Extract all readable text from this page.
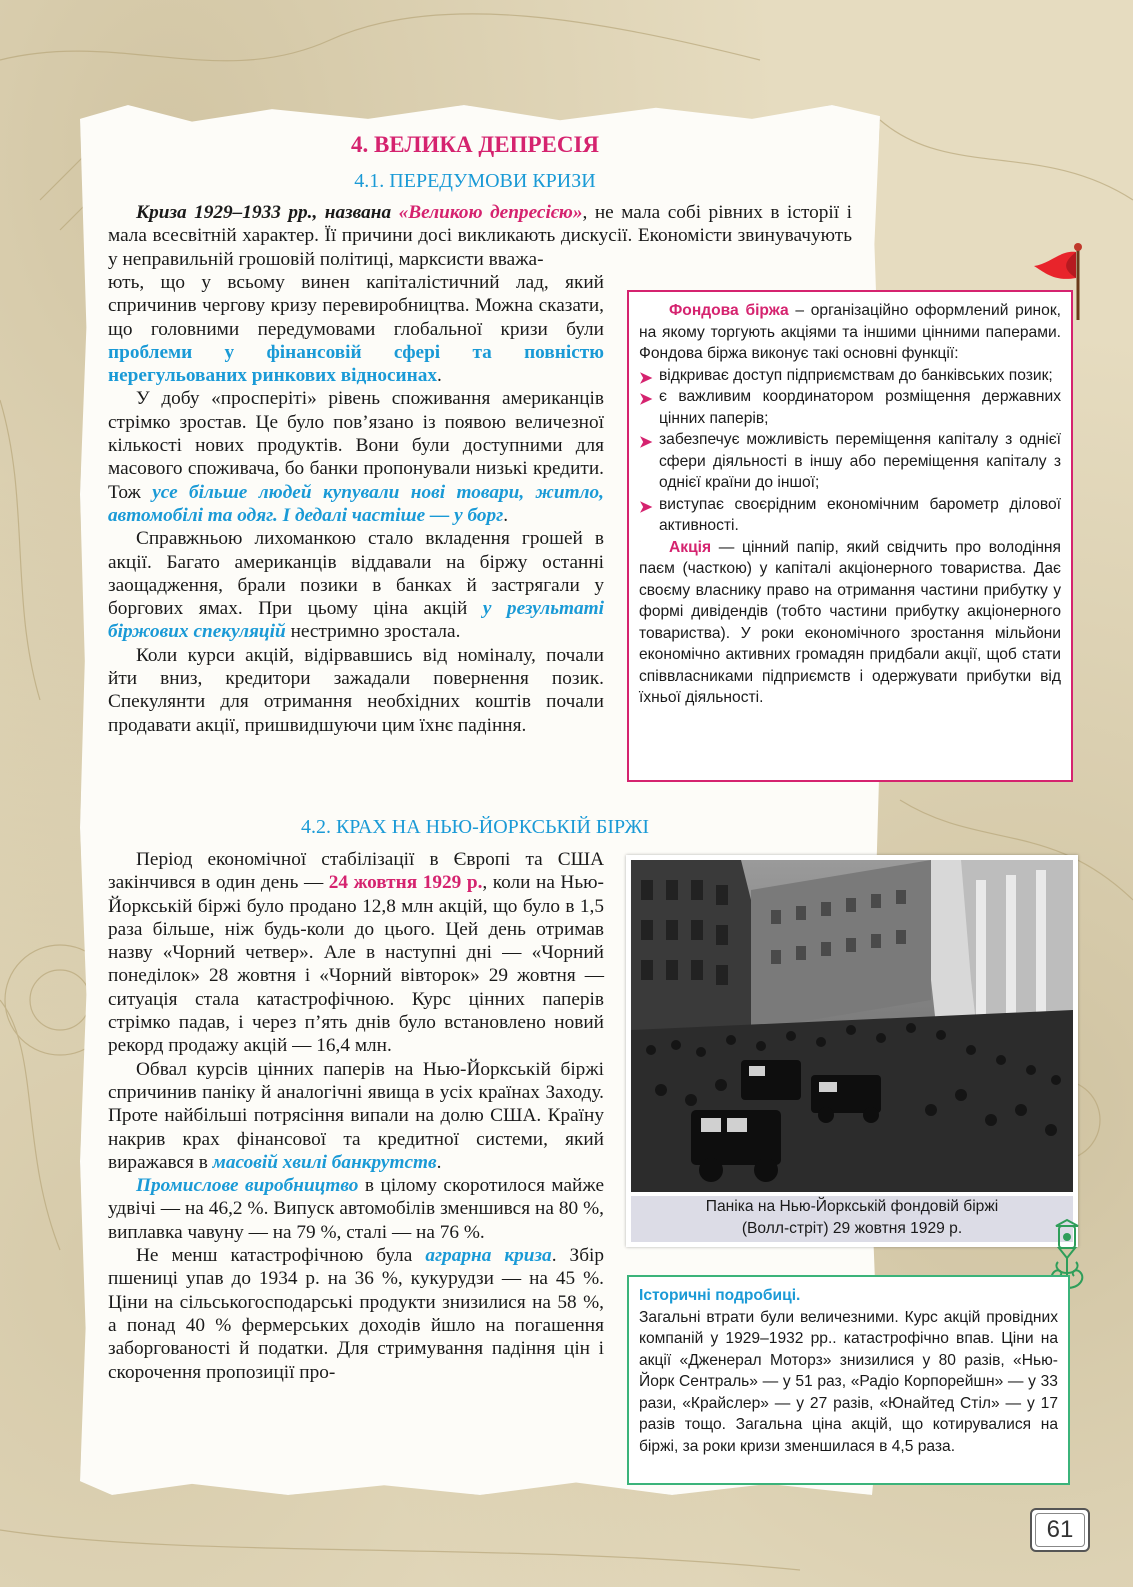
4. ВЕЛИКА ДЕПРЕСІЯ
4.1. ПЕРЕДУМОВИ КРИЗИ

Криза 1929–1933 рр., названа «Великою депресією», не мала собі рівних в історії і мала всесвітній характер. Її причини досі викликають дискусії. Економісти звинувачують у неправильній грошовій політиці, марксисти вважа-

ють, що у всьому винен капіталістичний лад, який спричинив чергову кризу перевиробництва. Можна сказати, що головними передумовами глобальної кризи були проблеми у фінансовій сфері та повністю нерегульованих ринкових відносинах.

У добу «просперіті» рівень споживання американців стрімко зростав. Це було пов’язано із появою величезної кількості нових продуктів. Вони були доступними для масового споживача, бо банки пропонували низькі кредити. Тож усе більше людей купували нові товари, житло, автомобілі та одяг. І дедалі частіше — у борг.

Справжньою лихоманкою стало вкладення грошей в акції. Багато американців віддавали на біржу останні заощадження, брали позики в банках й застрягали у боргових ямах. При цьому ціна акцій у результаті біржових спекуляцій нестримно зростала.

Коли курси акцій, відірвавшись від номіналу, почали йти вниз, кредитори зажадали повернення позик. Спекулянти для отримання необхідних коштів почали продавати акції, пришвидшуючи цим їхнє падіння.

Фондова біржа – організаційно оформлений ринок, на якому торгують акціями та іншими цінними паперами. Фондова біржа виконує такі основні функції:

➤ відкриває доступ підприємствам до банківських позик;
➤ є важливим координатором розміщення державних цінних паперів;
➤ забезпечує можливість переміщення капіталу з однієї сфери діяльності в іншу або переміщення капіталу з однієї країни до іншої;
➤ виступає своєрідним економічним барометр ділової активності.

Акція — цінний папір, який свідчить про володіння паєм (часткою) у капіталі акціонерного товариства. Дає своєму власнику право на отримання частини прибутку у формі дивідендів (тобто частини прибутку акціонерного товариства). У роки економічного зростання мільйони економічно активних громадян придбали акції, щоб стати співвласниками підприємств і одержувати прибутки від їхньої діяльності.

4.2. КРАХ НА НЬЮ-ЙОРКСЬКІЙ БІРЖІ

Період економічної стабілізації в Європі та США закінчився в один день — 24 жовтня 1929 р., коли на Нью-Йоркській біржі було продано 12,8 млн акцій, що було в 1,5 раза більше, ніж будь-коли до цього. Цей день отримав назву «Чорний четвер». Але в наступні дні — «Чорний понеділок» 28 жовтня і «Чорний вівторок» 29 жовтня — ситуація стала катастрофічною. Курс цінних паперів стрімко падав, і через п’ять днів було встановлено новий рекорд продажу акцій — 16,4 млн.

Обвал курсів цінних паперів на Нью-Йоркській біржі спричинив паніку й аналогічні явища в усіх країнах Заходу. Проте найбільші потрясіння випали на долю США. Країну накрив крах фінансової та кредитної системи, який виражався в масовій хвилі банкрутств.

Промислове виробництво в цілому скоротилося майже удвічі — на 46,2 %. Випуск автомобілів зменшився на 80 %, виплавка чавуну — на 79 %, сталі — на 76 %.

Не менш катастрофічною була аграрна криза. Збір пшениці упав до 1934 р. на 36 %, кукурудзи — на 45 %. Ціни на сільськогосподарські продукти знизилися на 58 %, а понад 40 % фермерських доходів йшло на погашення заборгованості й податки. Для стримування падіння цін і скорочення пропозиції про-

Паніка на Нью-Йоркській фондовій біржі
(Волл-стріт) 29 жовтня 1929 р.
Історичні подробиці.
Загальні втрати були величезними. Курс акцій провідних компаній у 1929–1932 рр.. катастрофічно впав. Ціни на акції «Дженерал Моторз» знизилися у 80 разів, «Нью-Йорк Сентраль» — у 51 раз, «Радіо Корпорейшн» — у 33 рази, «Крайслер» — у 27 разів, «Юнайтед Стіл» — у 17 разів тощо. Загальна ціна акцій, що котирувалися на біржі, за роки кризи зменшилася в 4,5 раза.
61
